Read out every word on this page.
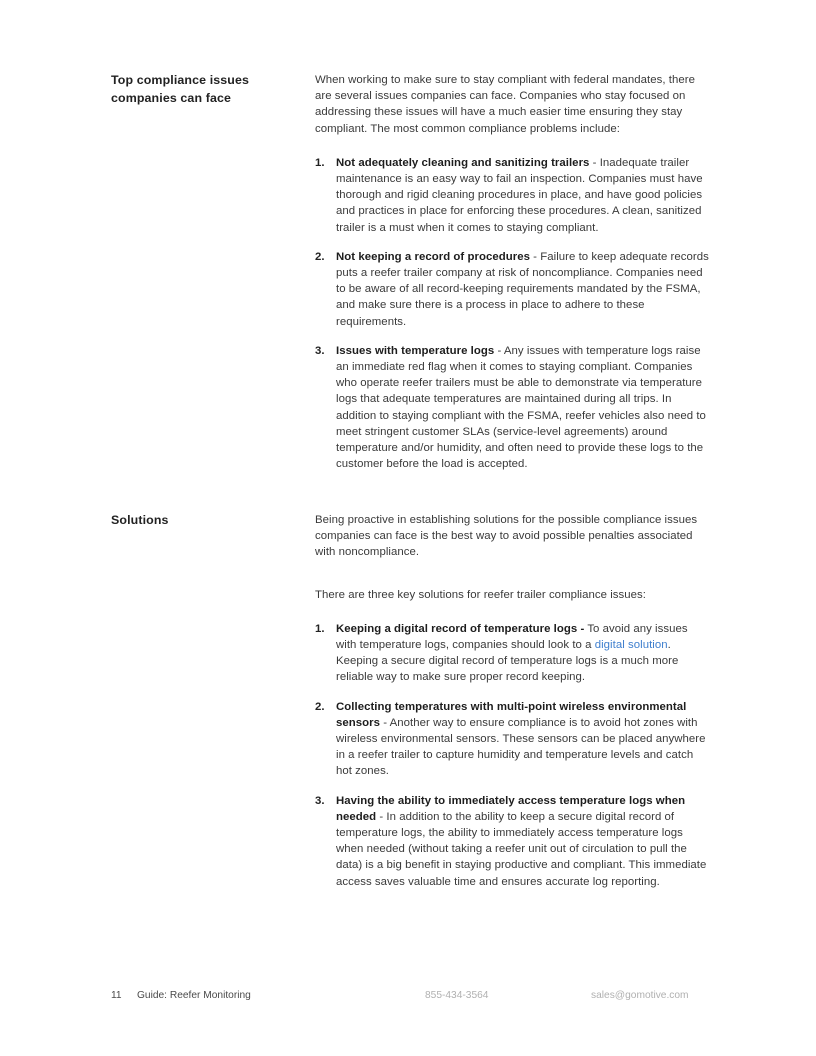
Top compliance issues
companies can face

When working to make sure to stay compliant with federal mandates, there are several issues companies can face. Companies who stay focused on addressing these issues will have a much easier time ensuring they stay compliant. The most common compliance problems include:

1.	Not adequately cleaning and sanitizing trailers - Inadequate trailer maintenance is an easy way to fail an inspection. Companies must have thorough and rigid cleaning procedures in place, and have good policies and practices in place for enforcing these procedures. A clean, sanitized trailer is a must when it comes to staying compliant.
2.	Not keeping a record of procedures - Failure to keep adequate records puts a reefer trailer company at risk of noncompliance. Companies need to be aware of all record-keeping requirements mandated by the FSMA, and make sure there is a process in place to adhere to these requirements.
3.	Issues with temperature logs - Any issues with temperature logs raise an immediate red flag when it comes to staying compliant. Companies who operate reefer trailers must be able to demonstrate via temperature logs that adequate temperatures are maintained during all trips. In addition to staying compliant with the FSMA, reefer vehicles also need to meet stringent customer SLAs (service-level agreements) around temperature and/or humidity, and often need to provide these logs to the customer before the load is accepted.
Solutions	Being proactive in establishing solutions for the possible compliance issues companies can face is the best way to avoid possible penalties associated with noncompliance.

There are three key solutions for reefer trailer compliance issues:

1.	Keeping a digital record of temperature logs - To avoid any issues with temperature logs, companies should look to a digital solution. Keeping a secure digital record of temperature logs is a much more reliable way to make sure proper record keeping.
2.	Collecting temperatures with multi-point wireless environmental sensors - Another way to ensure compliance is to avoid hot zones with wireless environmental sensors. These sensors can be placed anywhere in a reefer trailer to capture humidity and temperature levels and catch hot zones.
3.	Having the ability to immediately access temperature logs when needed - In addition to the ability to keep a secure digital record of temperature logs, the ability to immediately access temperature logs when needed (without taking a reefer unit out of circulation to pull the data) is a big benefit in staying productive and compliant. This immediate access saves valuable time and ensures accurate log reporting.
11 Guide: Reefer Monitoring	855-434-3564	sales@gomotive.com
